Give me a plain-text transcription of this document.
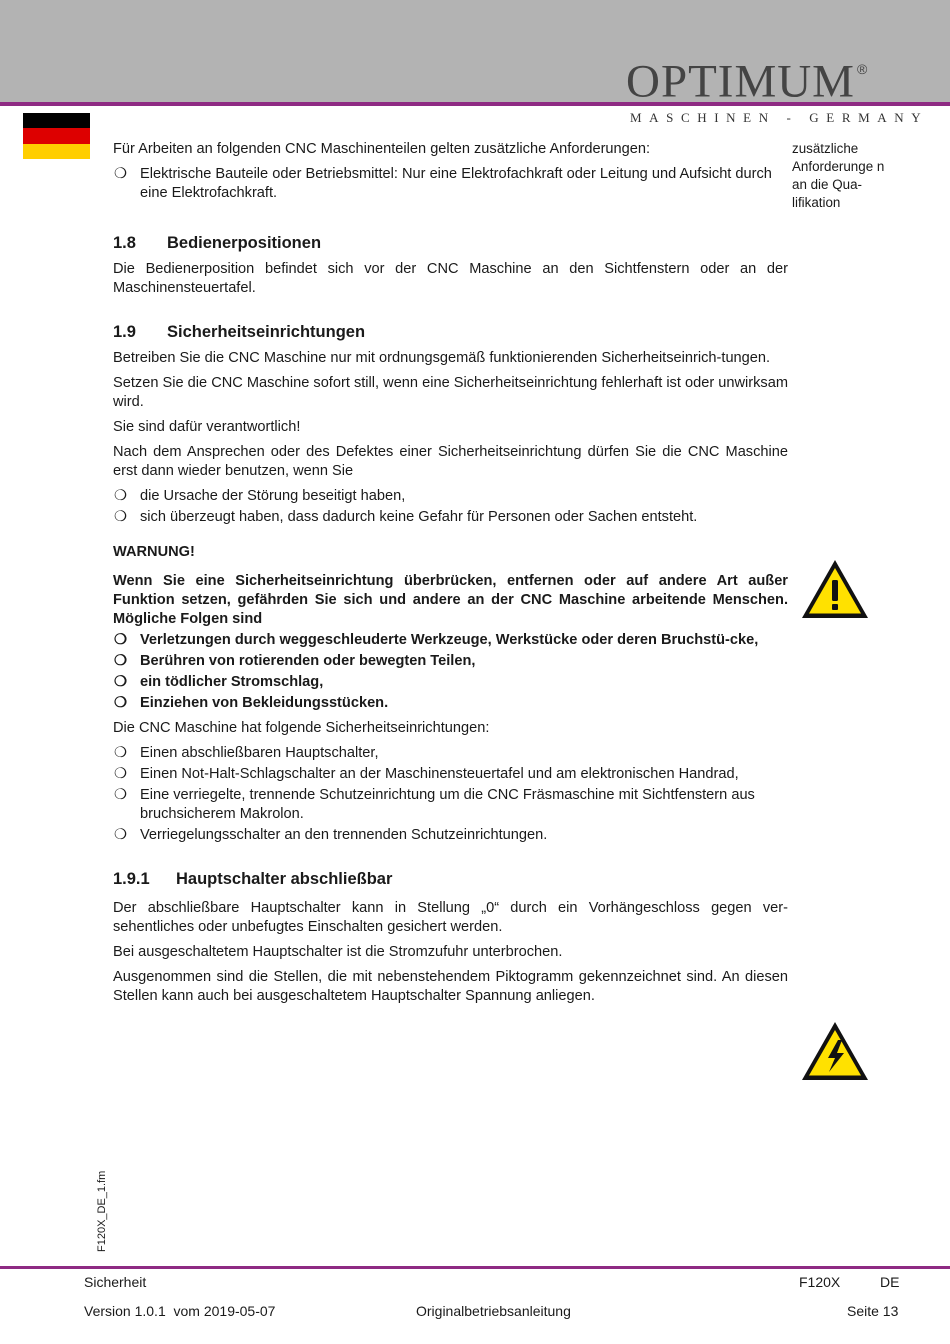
OPTIMUM ®
MASCHINEN - GERMANY
zusätzliche Anforderunge n an die Qua- lifikation

Für Arbeiten an folgenden CNC Maschinenteilen gelten zusätzliche Anforderungen:

❍ Elektrische Bauteile oder Betriebsmittel: Nur eine Elektrofachkraft oder Leitung und Aufsicht durch eine Elektrofachkraft.
1.8 Bedienerpositionen

Die Bedienerposition befindet sich vor der CNC Maschine an den Sichtfenstern oder an der Maschinensteuertafel.

1.9 Sicherheitseinrichtungen

Betreiben Sie die CNC Maschine nur mit ordnungsgemäß funktionierenden Sicherheitseinrich-tungen.

Setzen Sie die CNC Maschine sofort still, wenn eine Sicherheitseinrichtung fehlerhaft ist oder unwirksam wird.

Sie sind dafür verantwortlich!

Nach dem Ansprechen oder des Defektes einer Sicherheitseinrichtung dürfen Sie die CNC Maschine erst dann wieder benutzen, wenn Sie

❍ die Ursache der Störung beseitigt haben,
❍ sich überzeugt haben, dass dadurch keine Gefahr für Personen oder Sachen entsteht.

WARNUNG!

Wenn Sie eine Sicherheitseinrichtung überbrücken, entfernen oder auf andere Art außer Funktion setzen, gefährden Sie sich und andere an der CNC Maschine arbeitende Menschen. Mögliche Folgen sind

❍ Verletzungen durch weggeschleuderte Werkzeuge, Werkstücke oder deren Bruchstü-cke,
❍ Berühren von rotierenden oder bewegten Teilen,
❍ ein tödlicher Stromschlag,
❍ Einziehen von Bekleidungsstücken.

Die CNC Maschine hat folgende Sicherheitseinrichtungen:

❍ Einen abschließbaren Hauptschalter,
❍ Einen Not-Halt-Schlagschalter an der Maschinensteuertafel und am elektronischen Handrad,
❍ Eine verriegelte, trennende Schutzeinrichtung um die CNC Fräsmaschine mit Sichtfenstern aus bruchsicherem Makrolon.
❍ Verriegelungsschalter an den trennenden Schutzeinrichtungen.
1.9.1 Hauptschalter abschließbar

Der abschließbare Hauptschalter kann in Stellung „0“ durch ein Vorhängeschloss gegen ver-sehentliches oder unbefugtes Einschalten gesichert werden.

Bei ausgeschaltetem Hauptschalter ist die Stromzufuhr unterbrochen.

Ausgenommen sind die Stellen, die mit nebenstehendem Piktogramm gekennzeichnet sind. An diesen Stellen kann auch bei ausgeschaltetem Hauptschalter Spannung anliegen.

F120X_DE_1.fm
Sicherheit	F120X	DE
Version 1.0.1  vom 2019-05-07	Originalbetriebsanleitung	Seite 13
